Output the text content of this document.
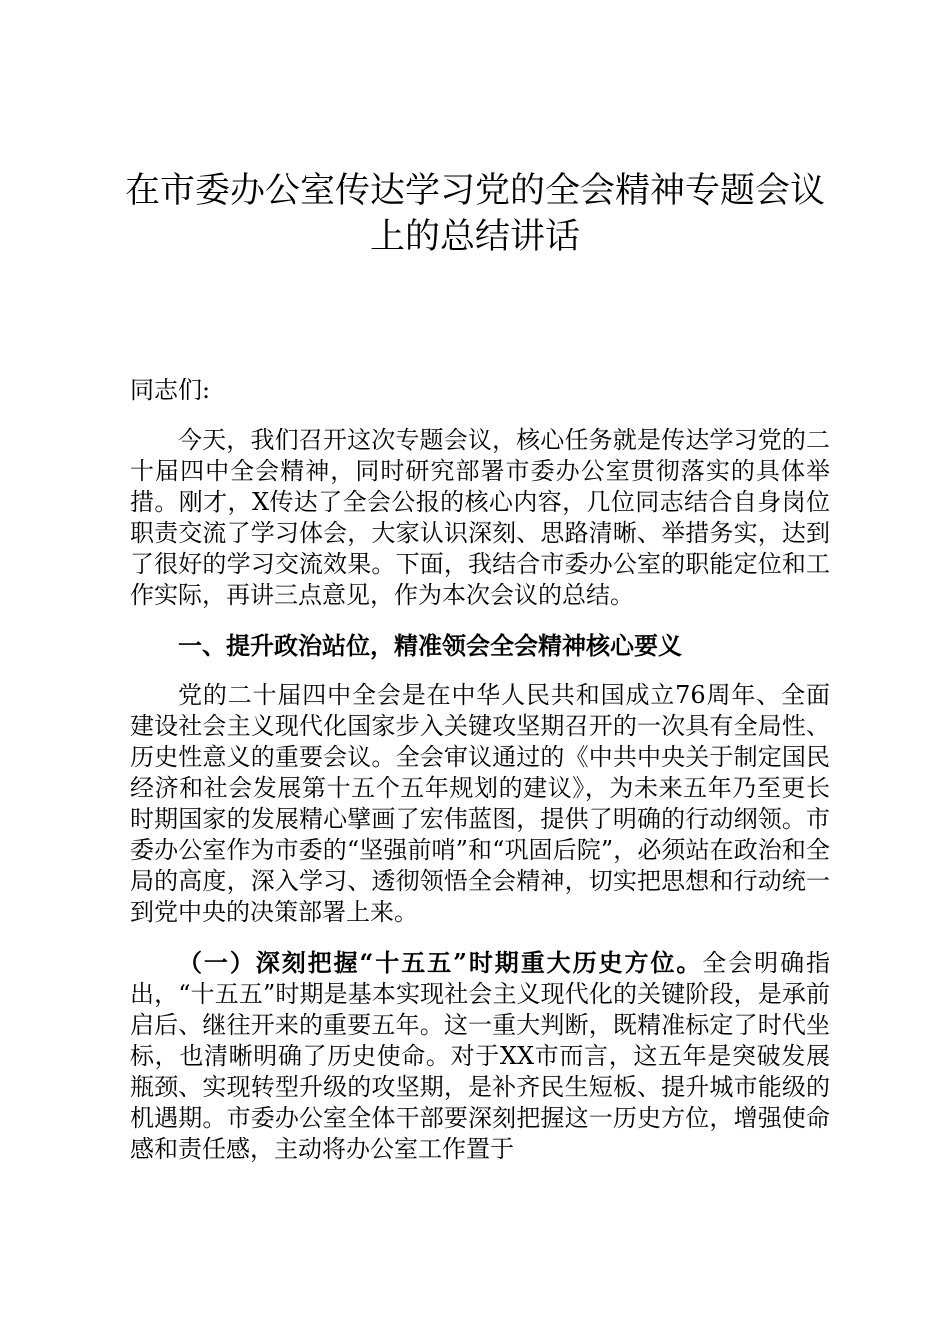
在市委办公室传达学习党的全会精神专题会议
上的总结讲话

同志们:

今天，我们召开这次专题会议，核心任务就是传达学习党的二十届四中全会精神，同时研究部署市委办公室贯彻落实的具体举措。刚才，X传达了全会公报的核心内容，几位同志结合自身岗位职责交流了学习体会，大家认识深刻、思路清晰、举措务实，达到了很好的学习交流效果。下面，我结合市委办公室的职能定位和工作实际，再讲三点意见，作为本次会议的总结。

一、提升政治站位，精准领会全会精神核心要义

党的二十届四中全会是在中华人民共和国成立76周年、全面建设社会主义现代化国家步入关键攻坚期召开的一次具有全局性、历史性意义的重要会议。全会审议通过的《中共中央关于制定国民经济和社会发展第十五个五年规划的建议》，为未来五年乃至更长时期国家的发展精心擘画了宏伟蓝图，提供了明确的行动纲领。市委办公室作为市委的“坚强前哨”和“巩固后院”，必须站在政治和全局的高度，深入学习、透彻领悟全会精神，切实把思想和行动统一到党中央的决策部署上来。

（一）深刻把握“十五五”时期重大历史方位。全会明确指出，“十五五”时期是基本实现社会主义现代化的关键阶段，是承前启后、继往开来的重要五年。这一重大判断，既精准标定了时代坐标，也清晰明确了历史使命。对于XX市而言，这五年是突破发展瓶颈、实现转型升级的攻坚期，是补齐民生短板、提升城市能级的机遇期。市委办公室全体干部要深刻把握这一历史方位，增强使命感和责任感，主动将办公室工作置于
